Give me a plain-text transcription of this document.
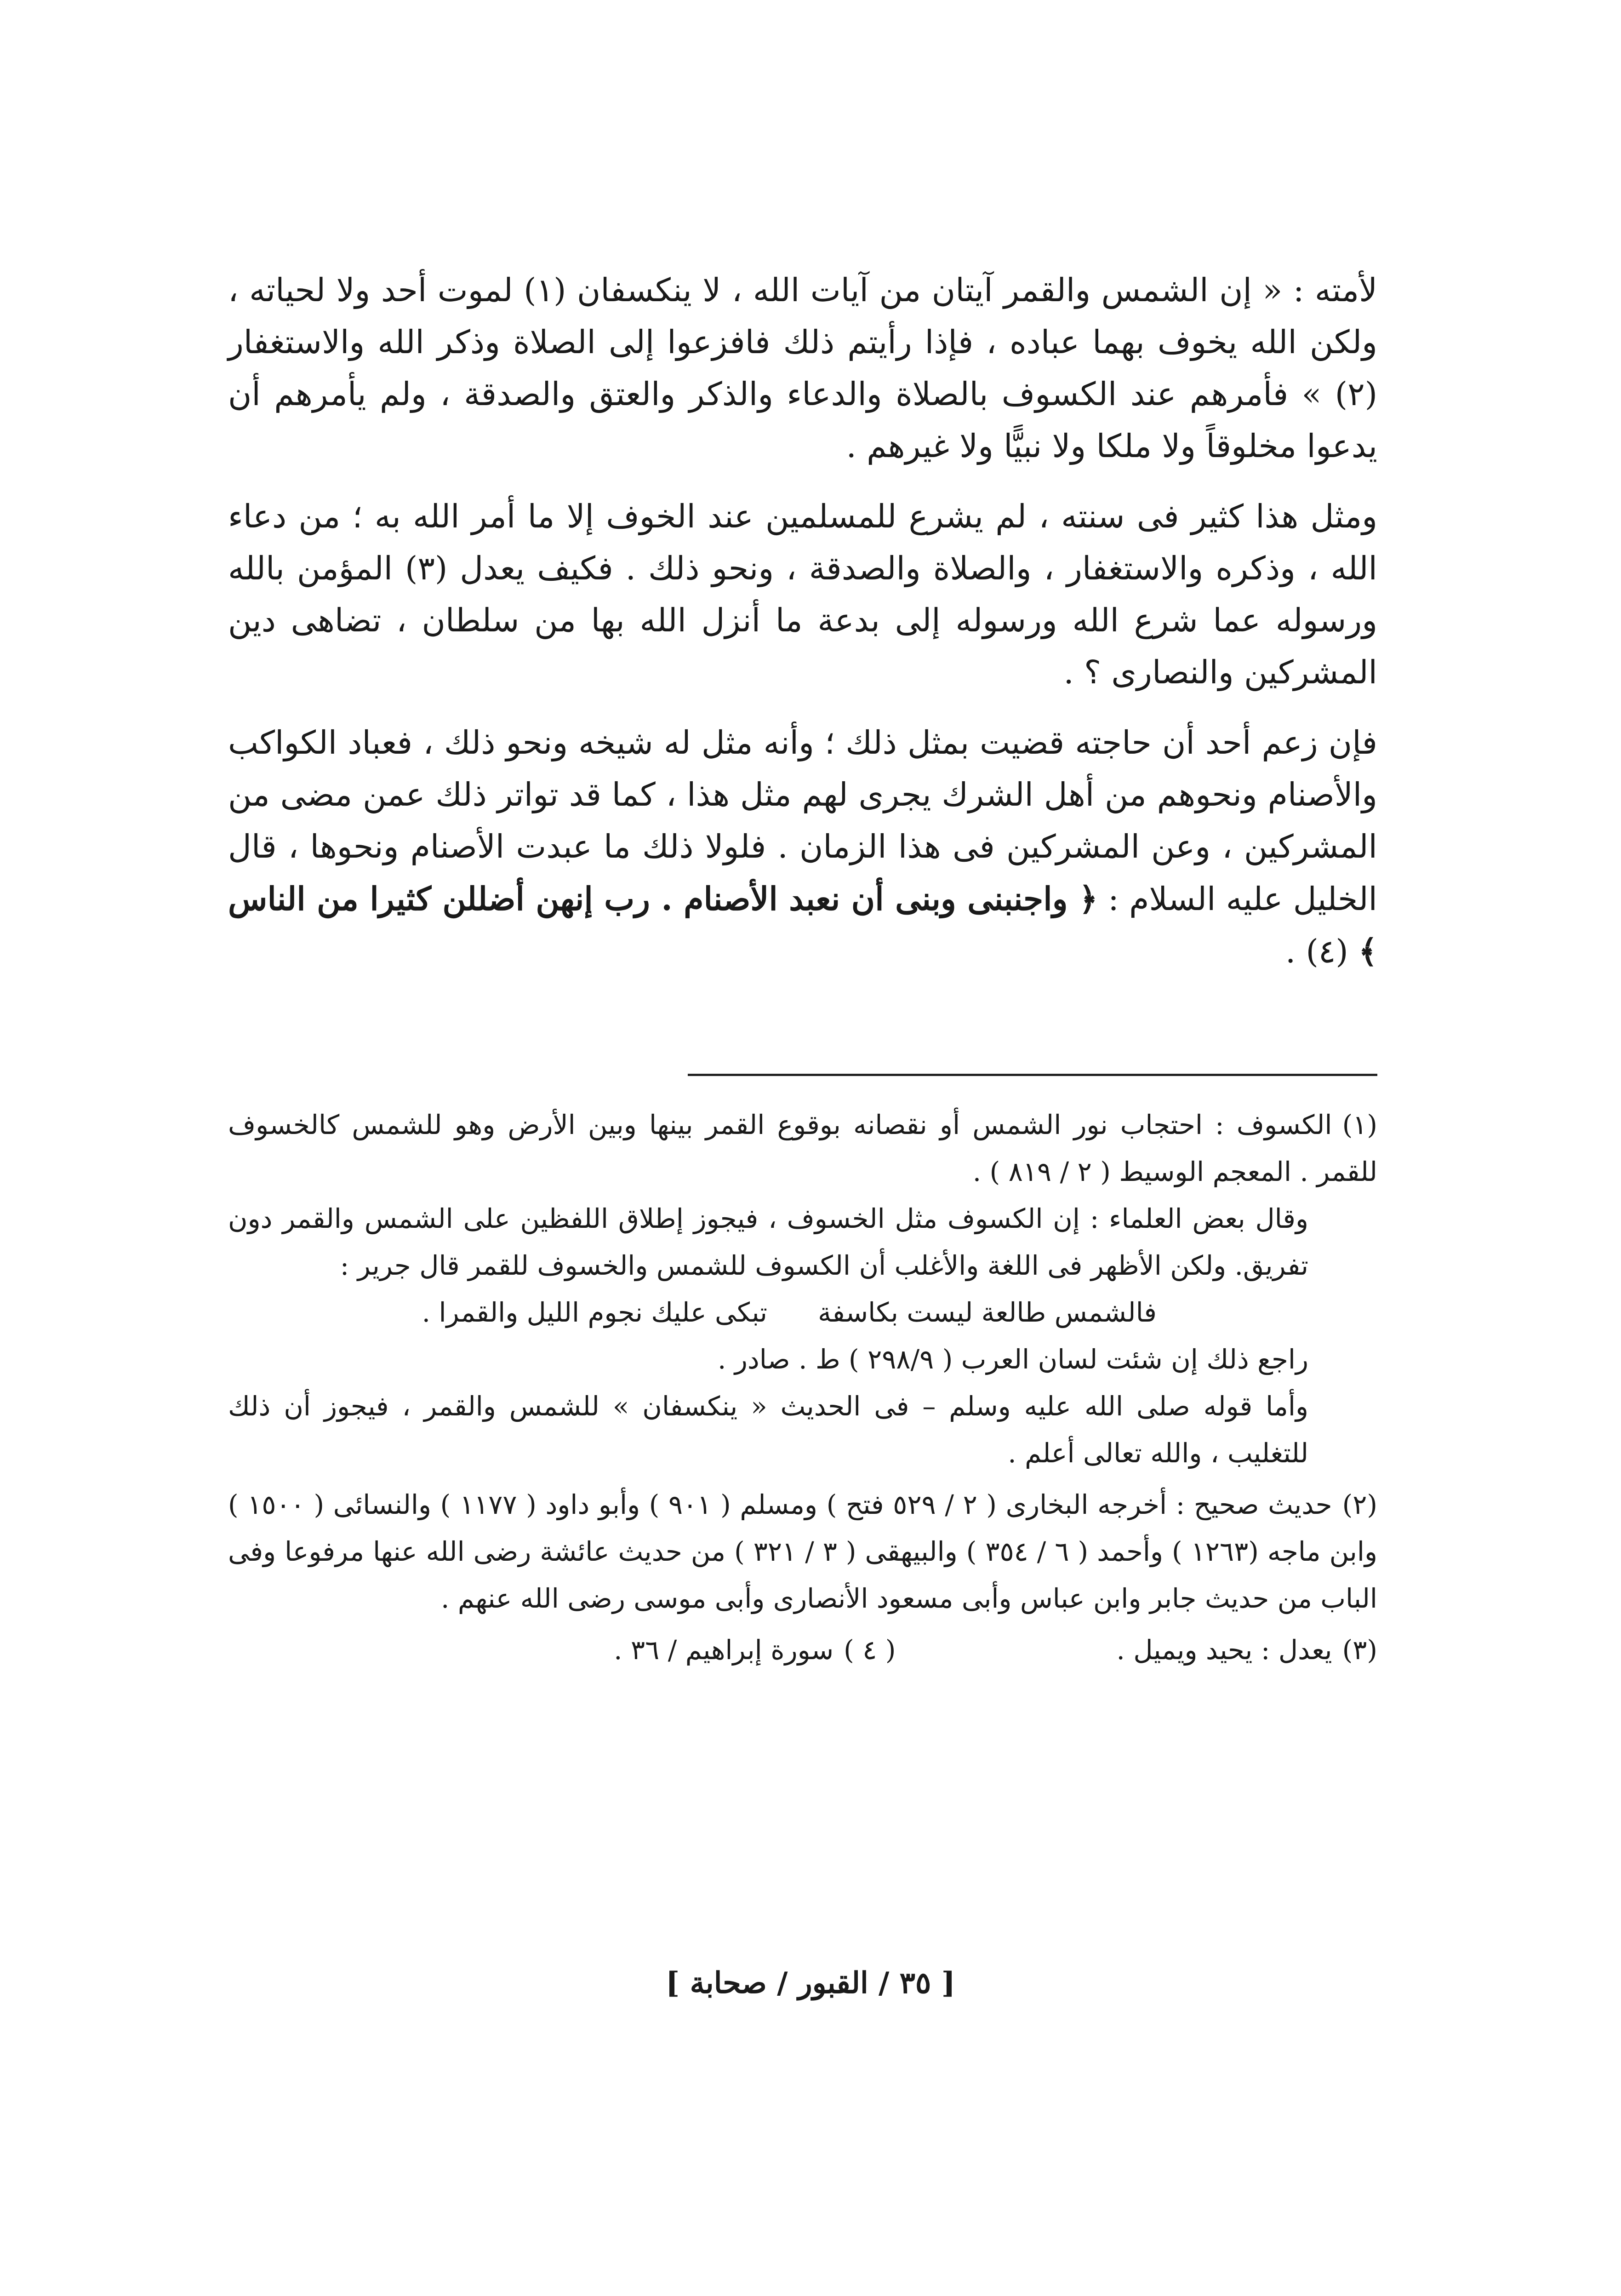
لأمته : « إن الشمس والقمر آيتان من آيات الله ، لا ينكسفان (١) لموت أحد ولا لحياته ، ولكن الله يخوف بهما عباده ، فإذا رأيتم ذلك فافزعوا إلى الصلاة وذكر الله والاستغفار (٢) » فأمرهم عند الكسوف بالصلاة والدعاء والذكر والعتق والصدقة ، ولم يأمرهم أن يدعوا مخلوقاً ولا ملكا ولا نبيًّا ولا غيرهم .

ومثل هذا كثير فى سنته ، لم يشرع للمسلمين عند الخوف إلا ما أمر الله به ؛ من دعاء الله ، وذكره والاستغفار ، والصلاة والصدقة ، ونحو ذلك . فكيف يعدل (٣) المؤمن بالله ورسوله عما شرع الله ورسوله إلى بدعة ما أنزل الله بها من سلطان ، تضاهى دين المشركين والنصارى ؟ .

فإن زعم أحد أن حاجته قضيت بمثل ذلك ؛ وأنه مثل له شيخه ونحو ذلك ، فعباد الكواكب والأصنام ونحوهم من أهل الشرك يجرى لهم مثل هذا ، كما قد تواتر ذلك عمن مضى من المشركين ، وعن المشركين فى هذا الزمان . فلولا ذلك ما عبدت الأصنام ونحوها ، قال الخليل عليه السلام : ﴿ واجنبنى وبنى أن نعبد الأصنام . رب إنهن أضللن كثيرا من الناس ﴾ (٤) .

(١)الكسوف : احتجاب نور الشمس أو نقصانه بوقوع القمر بينها وبين الأرض وهو للشمس كالخسوف للقمر . المعجم الوسيط ( ٢ / ٨١٩ ) .

وقال بعض العلماء : إن الكسوف مثل الخسوف ، فيجوز إطلاق اللفظين على الشمس والقمر دون تفريق. ولكن الأظهر فى اللغة والأغلب أن الكسوف للشمس والخسوف للقمر قال جرير :

فالشمس طالعة ليست بكاسفةتبكى عليك نجوم الليل والقمرا .

راجع ذلك إن شئت لسان العرب ( ٢٩٨/٩ ) ط . صادر .

وأما قوله صلى الله عليه وسلم – فى الحديث « ينكسفان » للشمس والقمر ، فيجوز أن ذلك للتغليب ، والله تعالى أعلم .

(٢)حديث صحيح : أخرجه البخارى ( ٢ / ٥٢٩ فتح ) ومسلم ( ٩٠١ ) وأبو داود ( ١١٧٧ ) والنسائى ( ١٥٠٠ ) وابن ماجه (١٢٦٣ ) وأحمد ( ٦ / ٣٥٤ ) والبيهقى ( ٣ / ٣٢١ ) من حديث عائشة رضى الله عنها مرفوعا وفى الباب من حديث جابر وابن عباس وأبى مسعود الأنصارى وأبى موسى رضى الله عنهم .

(٣)يعدل : يحيد ويميل .
( ٤ )سورة إبراهيم / ٣٦ .
[ ٣٥ / القبور / صحابة ]
